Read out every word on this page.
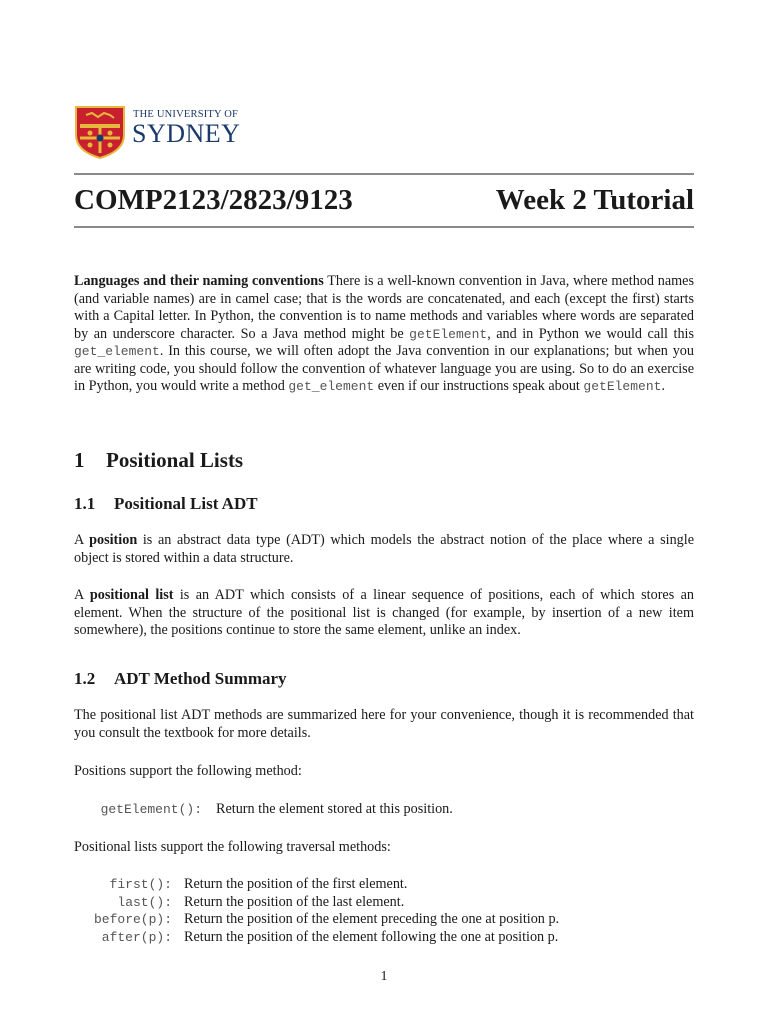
THE UNIVERSITY OF
SYDNEY
COMP2123/2823/9123	Week 2 Tutorial
Languages and their naming conventions There is a well-known convention in Java, where method names (and variable names) are in camel case; that is the words are concatenated, and each (except the first) starts with a Capital letter. In Python, the convention is to name methods and variables where words are separated by an underscore character. So a Java method might be getElement, and in Python we would call this get_element. In this course, we will often adopt the Java convention in our explanations; but when you are writing code, you should follow the convention of whatever language you are using. So to do an exercise in Python, you would write a method get_element even if our instructions speak about getElement.
1 Positional Lists
1.1 Positional List ADT
A position is an abstract data type (ADT) which models the abstract notion of the place where a single object is stored within a data structure.
A positional list is an ADT which consists of a linear sequence of positions, each of which stores an element. When the structure of the positional list is changed (for example, by insertion of a new item somewhere), the positions continue to store the same element, unlike an index.
1.2 ADT Method Summary
The positional list ADT methods are summarized here for your convenience, though it is recommended that you consult the textbook for more details.
Positions support the following method:
getElement(): Return the element stored at this position.
Positional lists support the following traversal methods:
first(): Return the position of the first element.
last(): Return the position of the last element.
before(p): Return the position of the element preceding the one at position p.
after(p): Return the position of the element following the one at position p.
1
